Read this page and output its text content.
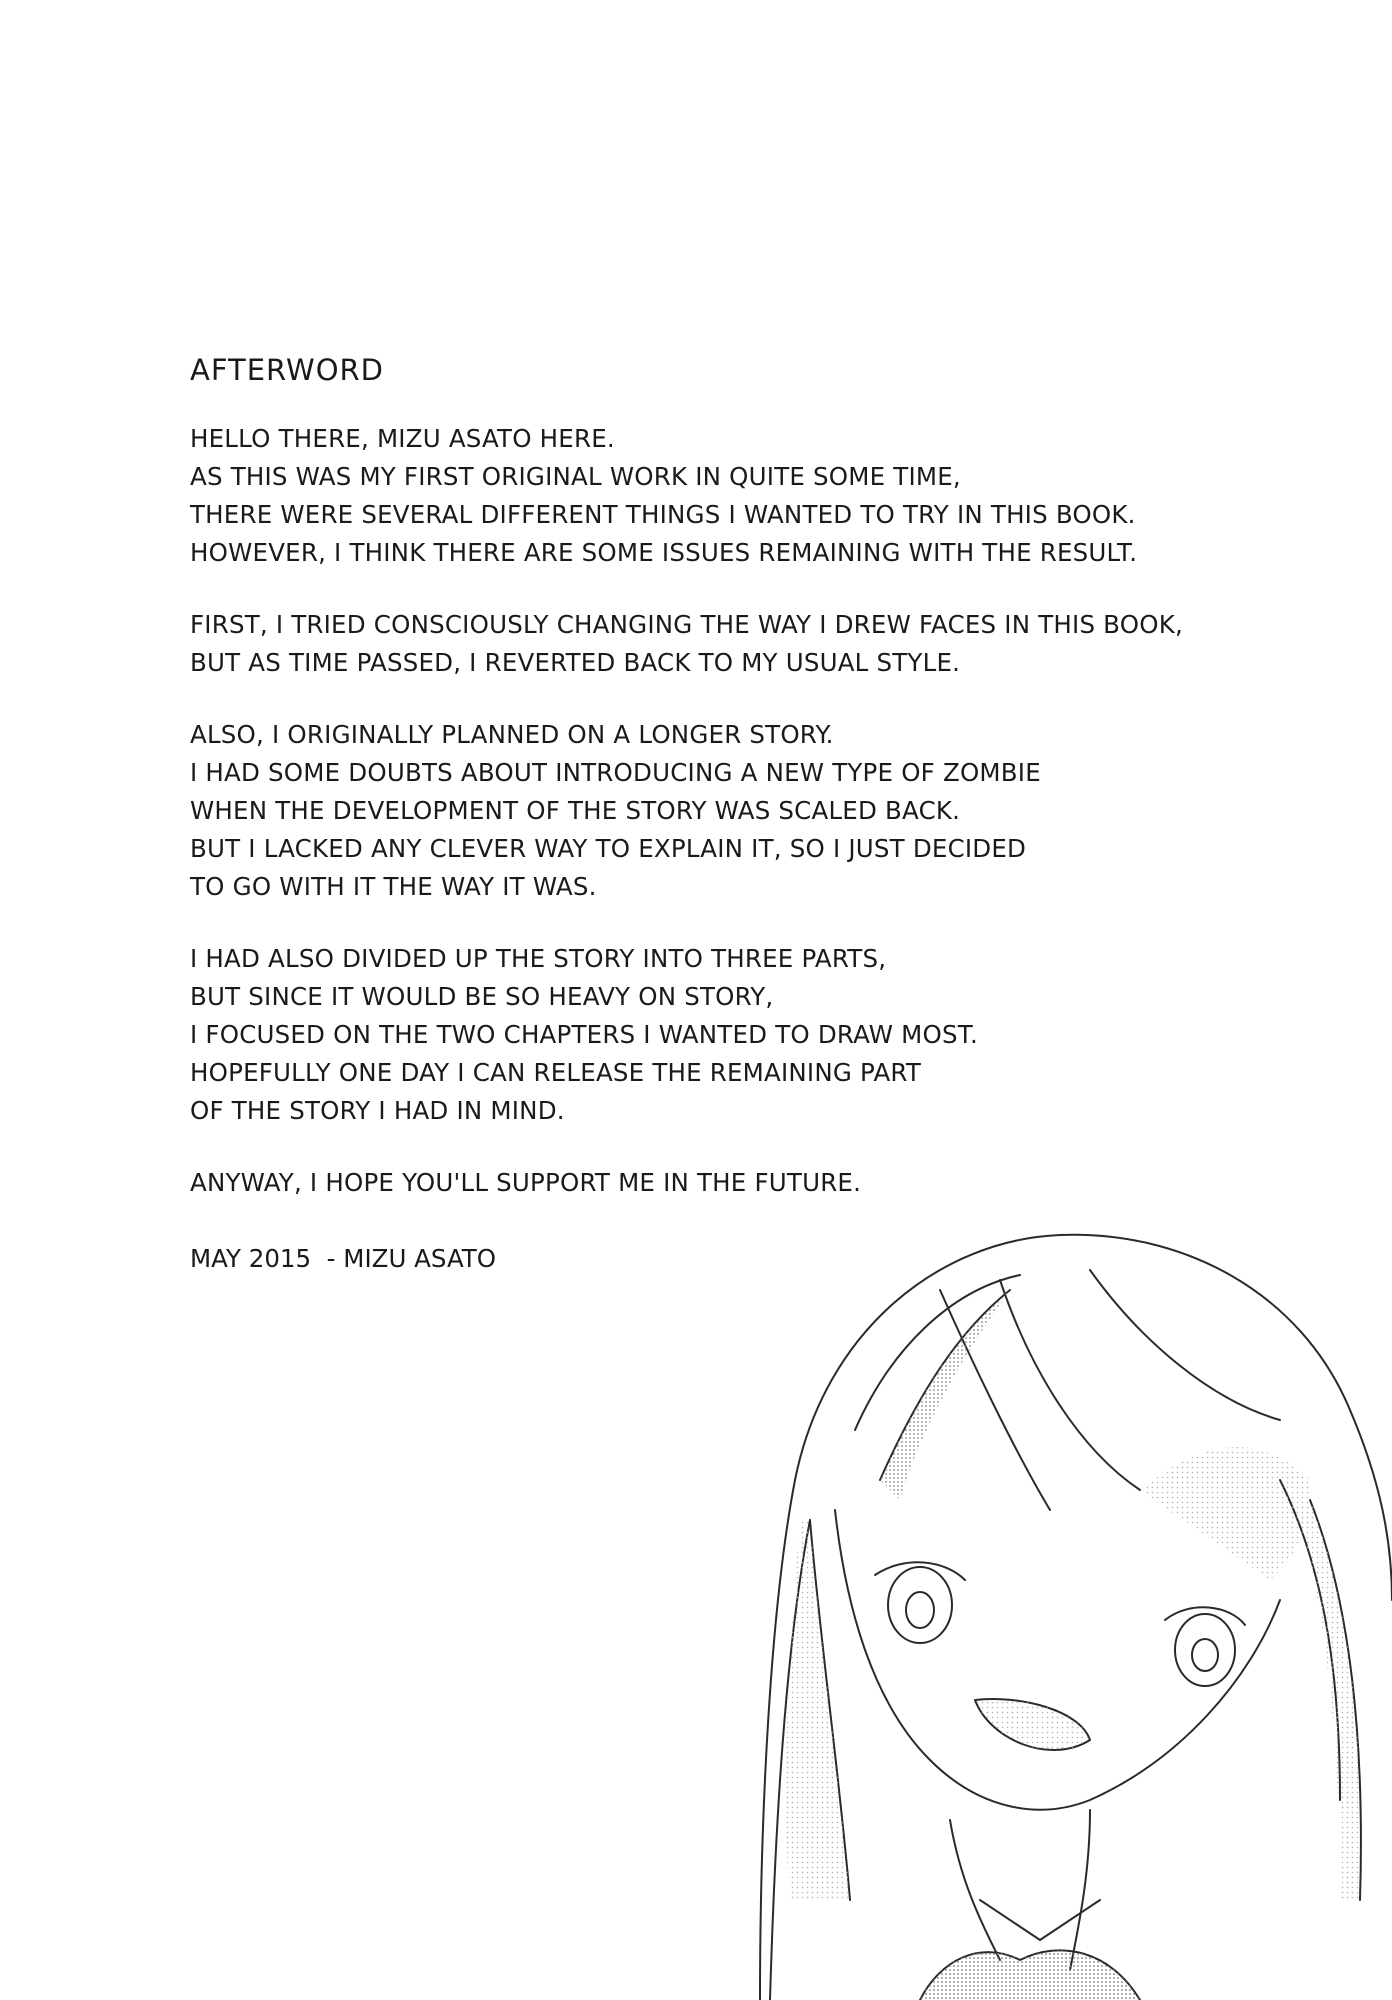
AFTERWORD
HELLO THERE, MIZU ASATO HERE.
AS THIS WAS MY FIRST ORIGINAL WORK IN QUITE SOME TIME,
THERE WERE SEVERAL DIFFERENT THINGS I WANTED TO TRY IN THIS BOOK.
HOWEVER, I THINK THERE ARE SOME ISSUES REMAINING WITH THE RESULT.
FIRST, I TRIED CONSCIOUSLY CHANGING THE WAY I DREW FACES IN THIS BOOK,
BUT AS TIME PASSED, I REVERTED BACK TO MY USUAL STYLE.
ALSO, I ORIGINALLY PLANNED ON A LONGER STORY.
I HAD SOME DOUBTS ABOUT INTRODUCING A NEW TYPE OF ZOMBIE
WHEN THE DEVELOPMENT OF THE STORY WAS SCALED BACK.
BUT I LACKED ANY CLEVER WAY TO EXPLAIN IT, SO I JUST DECIDED
TO GO WITH IT THE WAY IT WAS.
I HAD ALSO DIVIDED UP THE STORY INTO THREE PARTS,
BUT SINCE IT WOULD BE SO HEAVY ON STORY,
I FOCUSED ON THE TWO CHAPTERS I WANTED TO DRAW MOST.
HOPEFULLY ONE DAY I CAN RELEASE THE REMAINING PART
OF THE STORY I HAD IN MIND.
ANYWAY, I HOPE YOU'LL SUPPORT ME IN THE FUTURE.
MAY 2015  - MIZU ASATO
